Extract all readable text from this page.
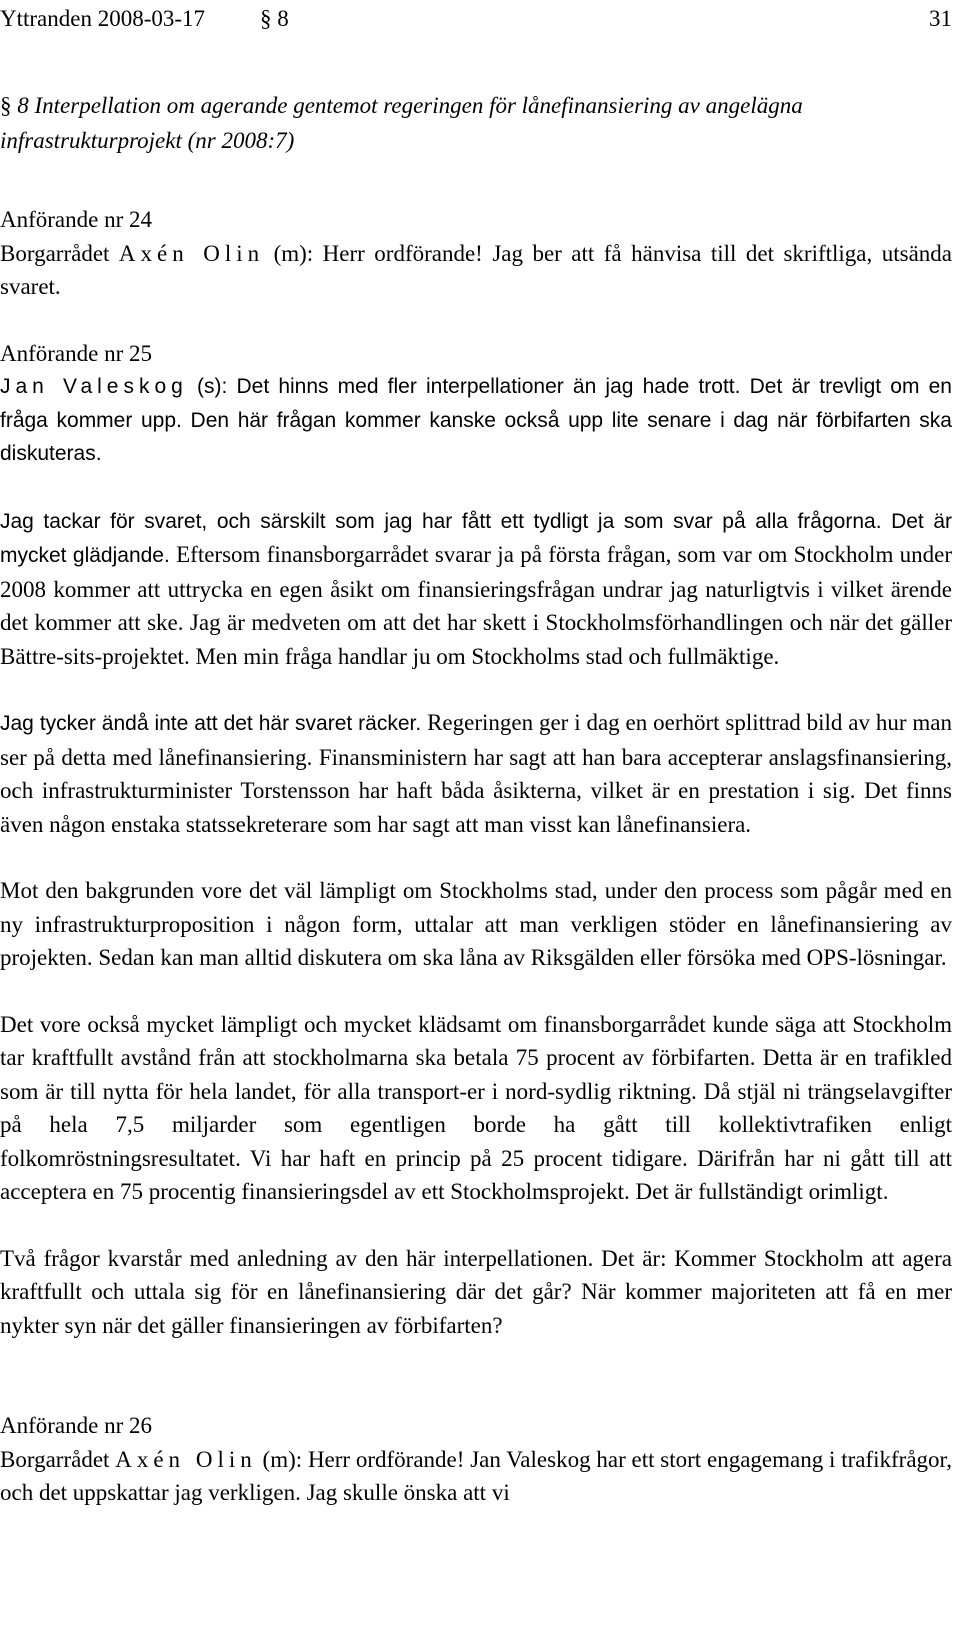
Yttranden 2008-03-17 § 8	31
§ 8 Interpellation om agerande gentemot regeringen för lånefinansiering av angelägna infrastrukturprojekt (nr 2008:7)

Anförande nr 24
Borgarrådet Axén Olin (m): Herr ordförande! Jag ber att få hänvisa till det skriftliga, utsända svaret.

Anförande nr 25
Jan Valeskog (s): Det hinns med fler interpellationer än jag hade trott. Det är trevligt om en fråga kommer upp. Den här frågan kommer kanske också upp lite senare i dag när förbifarten ska diskuteras.

Jag tackar för svaret, och särskilt som jag har fått ett tydligt ja som svar på alla frågorna. Det är mycket glädjande. Eftersom finansborgarrådet svarar ja på första frågan, som var om Stockholm under 2008 kommer att uttrycka en egen åsikt om finansieringsfrågan undrar jag naturligtvis i vilket ärende det kommer att ske. Jag är medveten om att det har skett i Stockholmsförhandlingen och när det gäller Bättre-sits-projektet. Men min fråga handlar ju om Stockholms stad och fullmäktige.

Jag tycker ändå inte att det här svaret räcker. Regeringen ger i dag en oerhört splittrad bild av hur man ser på detta med lånefinansiering. Finansministern har sagt att han bara accepterar anslagsfinansiering, och infrastrukturminister Torstensson har haft båda åsikterna, vilket är en prestation i sig. Det finns även någon enstaka statssekreterare som har sagt att man visst kan lånefinansiera.

Mot den bakgrunden vore det väl lämpligt om Stockholms stad, under den process som pågår med en ny infrastrukturproposition i någon form, uttalar att man verkligen stöder en lånefinansiering av projekten. Sedan kan man alltid diskutera om ska låna av Riksgälden eller försöka med OPS-lösningar.

Det vore också mycket lämpligt och mycket klädsamt om finansborgarrådet kunde säga att Stockholm tar kraftfullt avstånd från att stockholmarna ska betala 75 procent av förbifarten. Detta är en trafikled som är till nytta för hela landet, för alla transport-er i nord-sydlig riktning. Då stjäl ni trängselavgifter på hela 7,5 miljarder som egentligen borde ha gått till kollektivtrafiken enligt folkomröstningsresultatet. Vi har haft en princip på 25 procent tidigare. Därifrån har ni gått till att acceptera en 75 procentig finansieringsdel av ett Stockholmsprojekt. Det är fullständigt orimligt.

Två frågor kvarstår med anledning av den här interpellationen. Det är: Kommer Stockholm att agera kraftfullt och uttala sig för en lånefinansiering där det går? När kommer majoriteten att få en mer nykter syn när det gäller finansieringen av förbifarten?

Anförande nr 26
Borgarrådet Axén Olin (m): Herr ordförande! Jan Valeskog har ett stort engagemang i trafikfrågor, och det uppskattar jag verkligen. Jag skulle önska att vi
